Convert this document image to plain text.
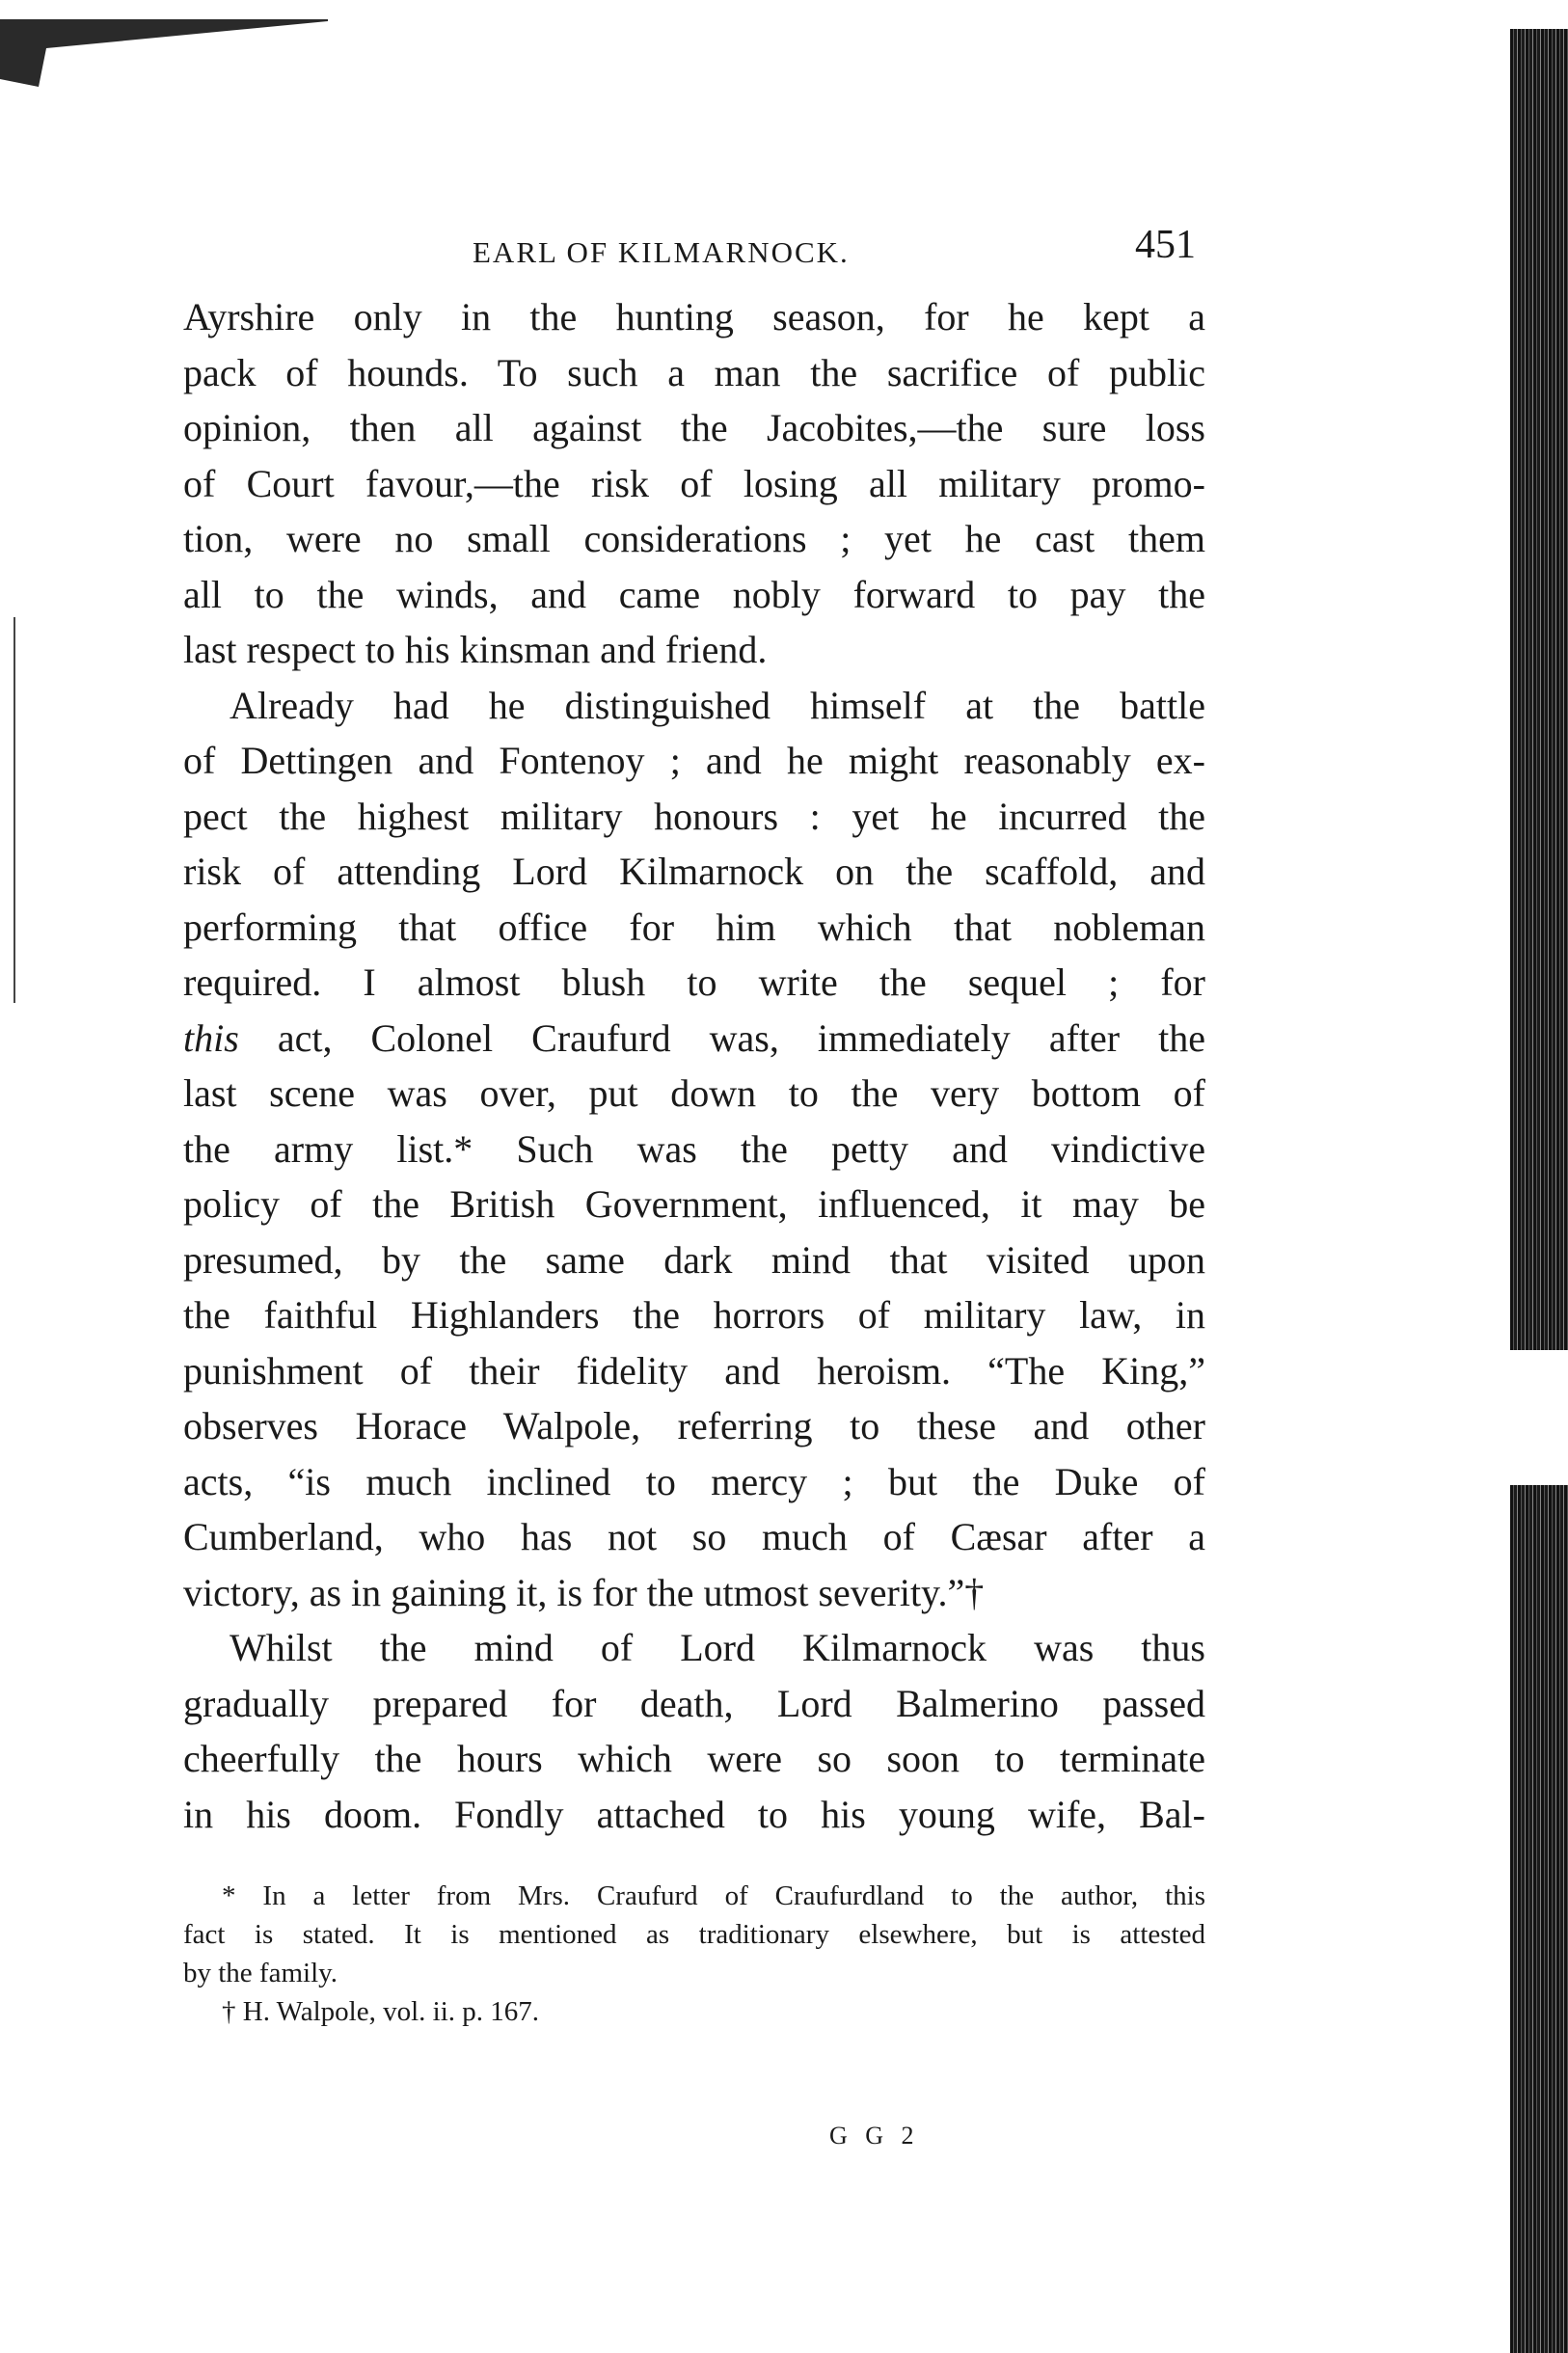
EARL OF KILMARNOCK.	451

Ayrshire only in the hunting season, for he kept a
pack of hounds. To such a man the sacrifice of public
opinion, then all against the Jacobites,—the sure loss
of Court favour,—the risk of losing all military promo-
tion, were no small considerations ; yet he cast them
all to the winds, and came nobly forward to pay the
last respect to his kinsman and friend.

Already had he distinguished himself at the battle
of Dettingen and Fontenoy ; and he might reasonably ex-
pect the highest military honours : yet he incurred the
risk of attending Lord Kilmarnock on the scaffold, and
performing that office for him which that nobleman
required. I almost blush to write the sequel ; for
this act, Colonel Craufurd was, immediately after the
last scene was over, put down to the very bottom of
the army list.* Such was the petty and vindictive
policy of the British Government, influenced, it may be
presumed, by the same dark mind that visited upon
the faithful Highlanders the horrors of military law, in
punishment of their fidelity and heroism. “The King,”
observes Horace Walpole, referring to these and other
acts, “is much inclined to mercy ; but the Duke of
Cumberland, who has not so much of Cæsar after a
victory, as in gaining it, is for the utmost severity.”†

Whilst the mind of Lord Kilmarnock was thus
gradually prepared for death, Lord Balmerino passed
cheerfully the hours which were so soon to terminate
in his doom. Fondly attached to his young wife, Bal-

* In a letter from Mrs. Craufurd of Craufurdland to the author, this
fact is stated. It is mentioned as traditionary elsewhere, but is attested
by the family.
† H. Walpole, vol. ii. p. 167.
G G 2
